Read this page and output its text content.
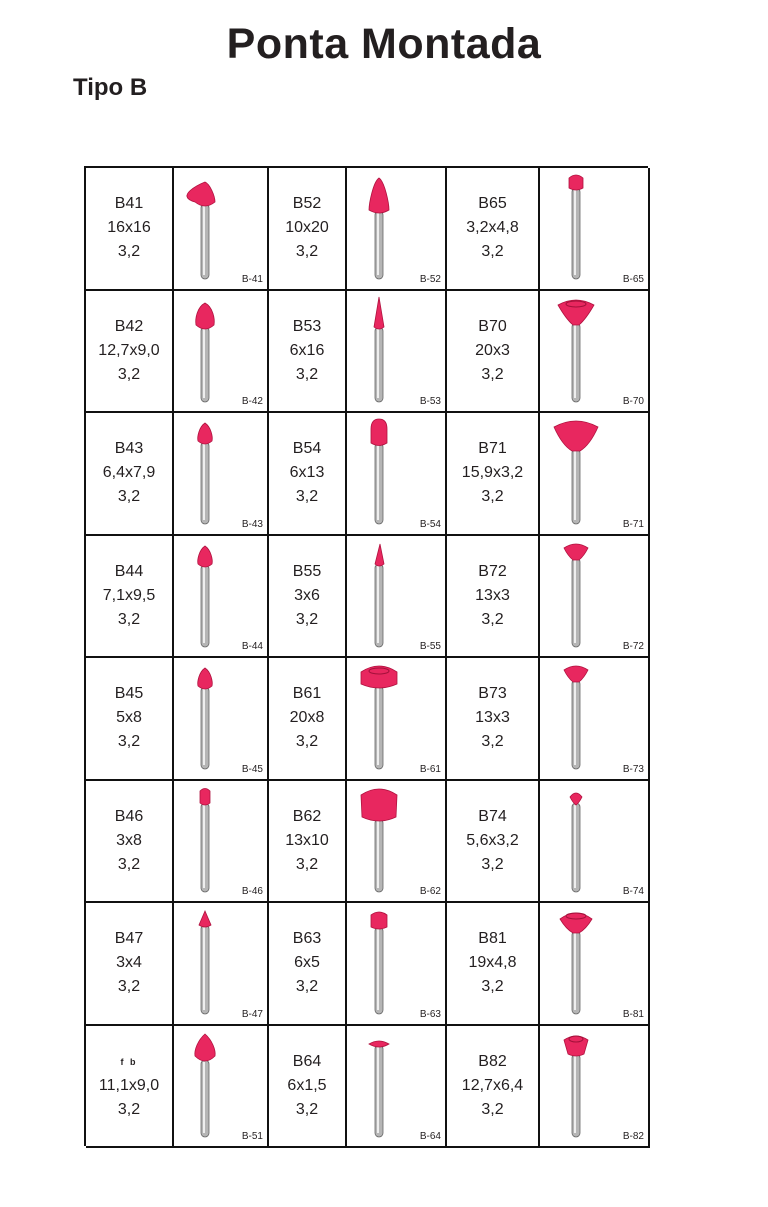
Ponta Montada
Tipo B
B41
16x16
3,2
B-41
B52
10x20
3,2
B-52
B65
3,2x4,8
3,2
B-65
B42
12,7x9,0
3,2
B-42
B53
6x16
3,2
B-53
B70
20x3
3,2
B-70
B43
6,4x7,9
3,2
B-43
B54
6x13
3,2
B-54
B71
15,9x3,2
3,2
B-71
B44
7,1x9,5
3,2
B-44
B55
3x6
3,2
B-55
B72
13x3
3,2
B-72
B45
5x8
3,2
B-45
B61
20x8
3,2
B-61
B73
13x3
3,2
B-73
B46
3x8
3,2
B-46
B62
13x10
3,2
B-62
B74
5,6x3,2
3,2
B-74
B47
3x4
3,2
B-47
B63
6x5
3,2
B-63
B81
19x4,8
3,2
B-81
f b
11,1x9,0
3,2
B-51
B64
6x1,5
3,2
B-64
B82
12,7x6,4
3,2
B-82
